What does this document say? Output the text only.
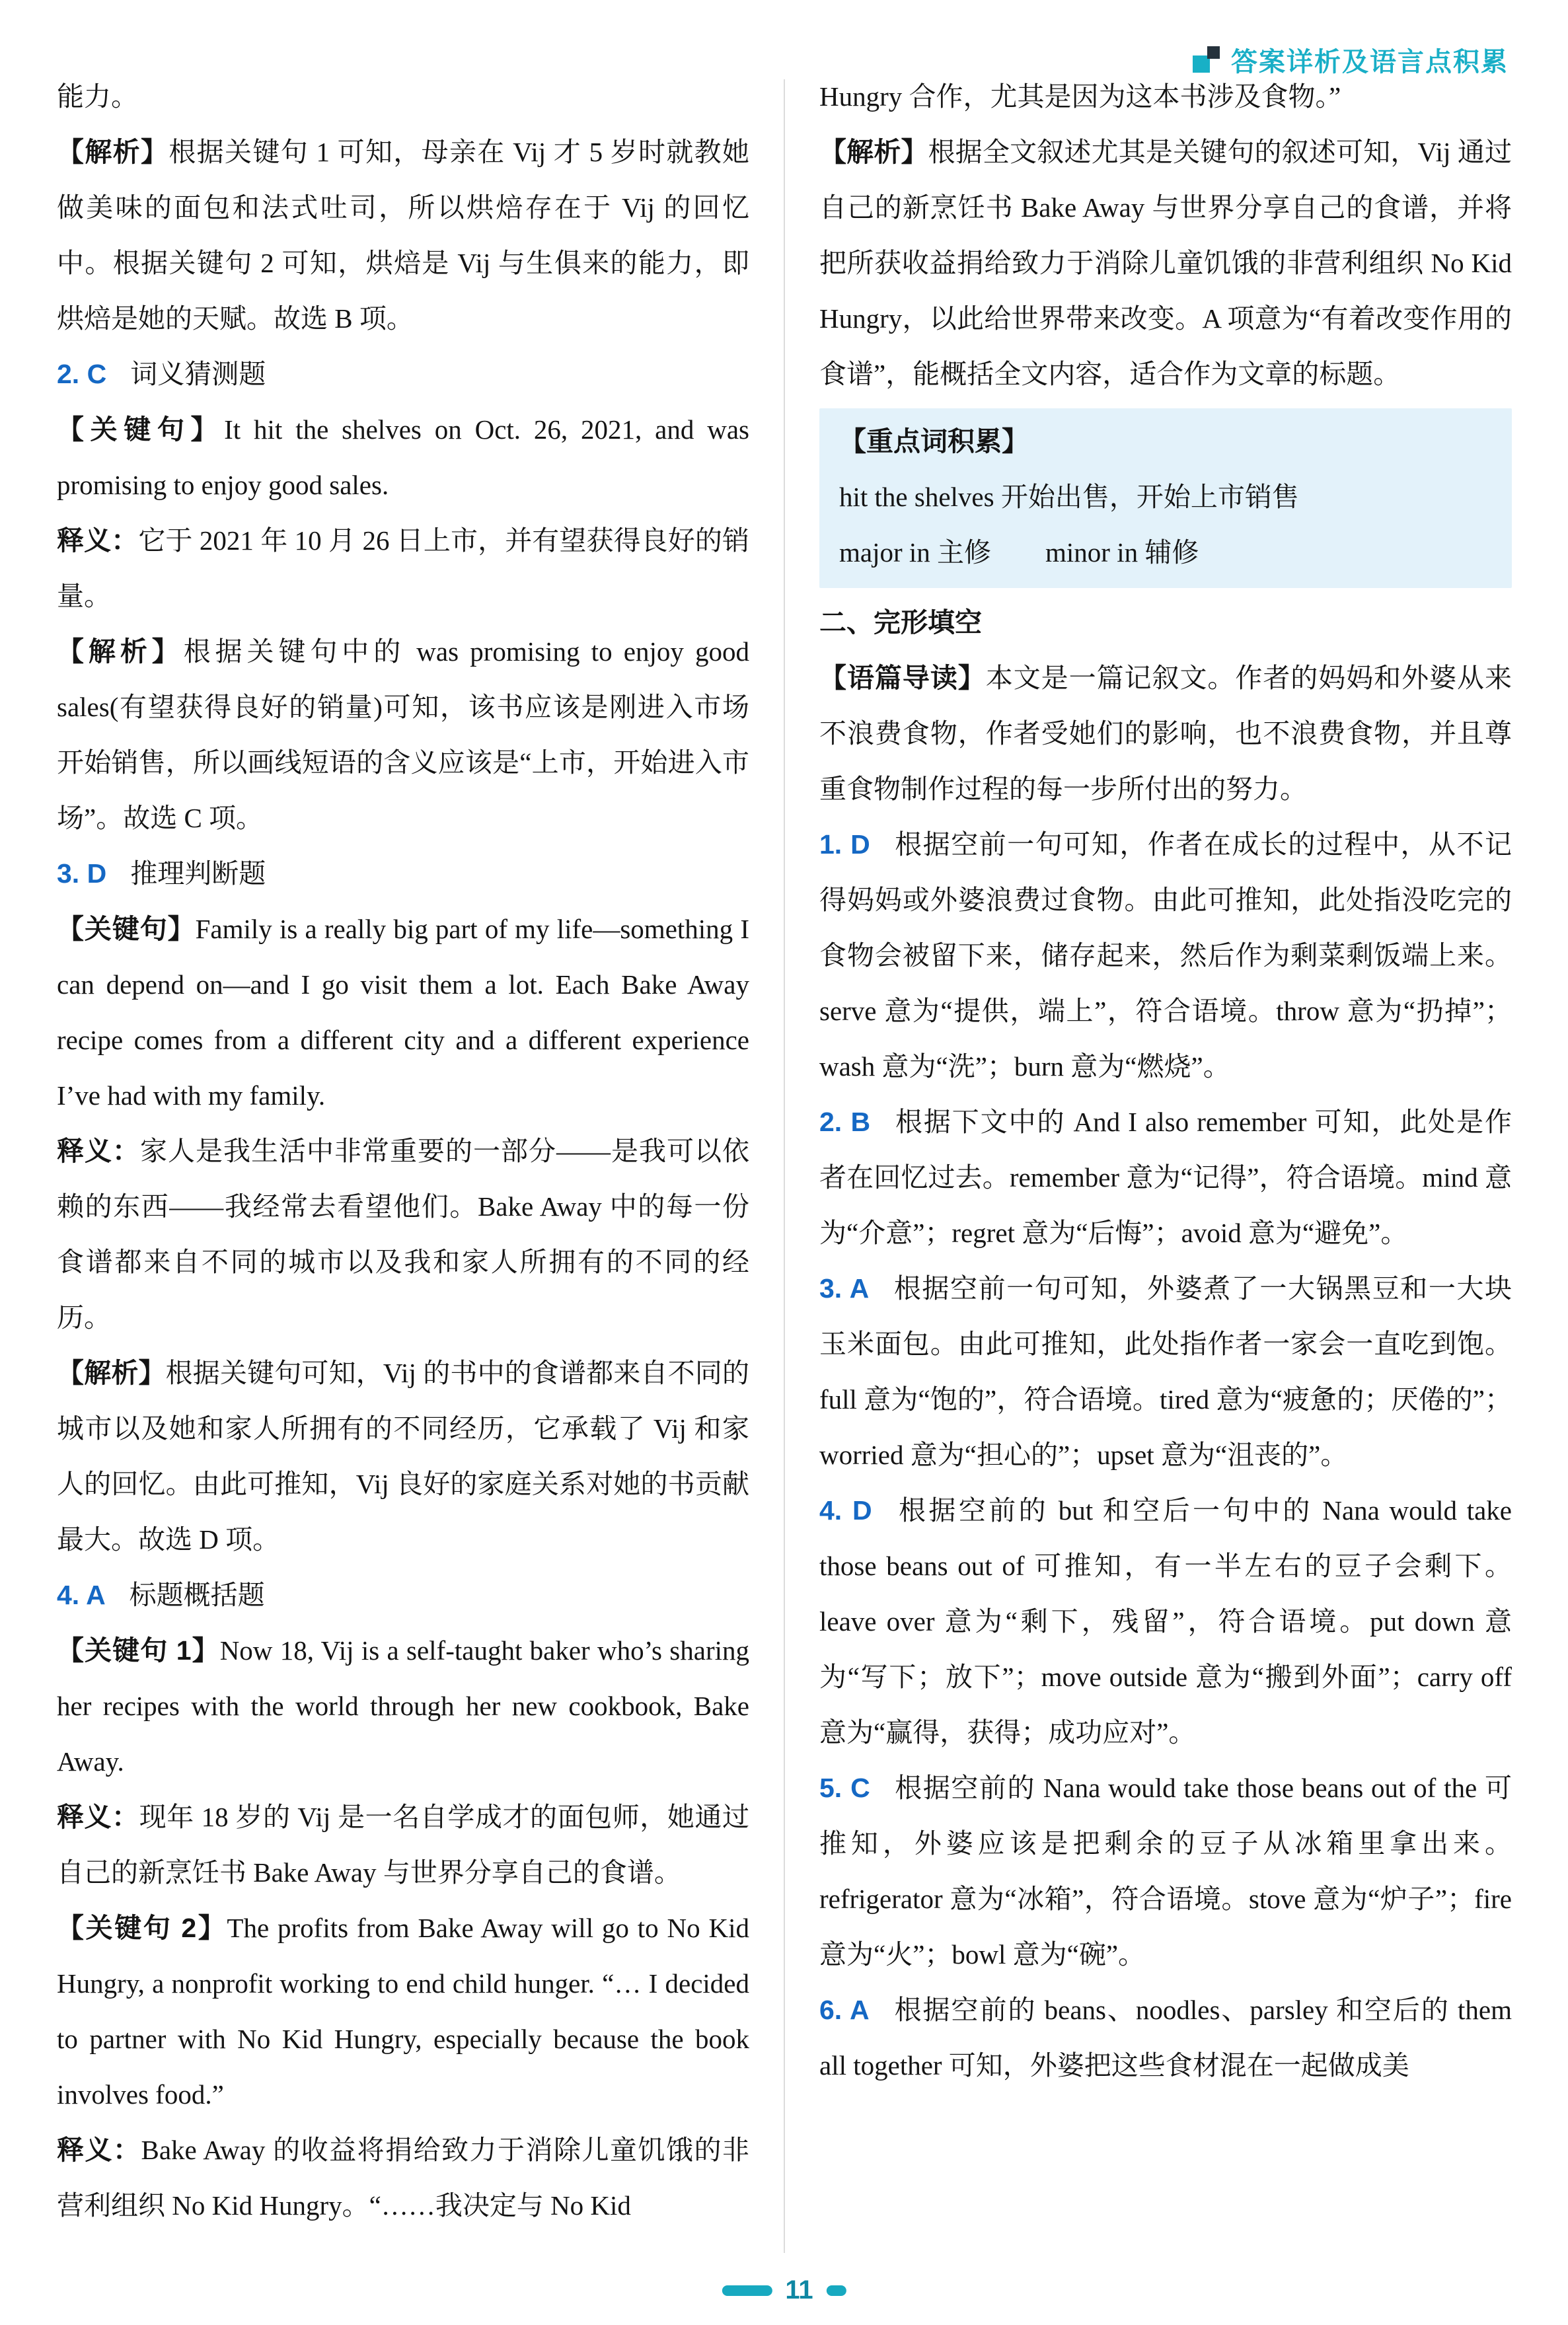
答案详析及语言点积累

能力。

【解析】根据关键句 1 可知，母亲在 Vij 才 5 岁时就教她做美味的面包和法式吐司，所以烘焙存在于 Vij 的回忆中。根据关键句 2 可知，烘焙是 Vij 与生俱来的能力，即烘焙是她的天赋。故选 B 项。

2. C 词义猜测题

【关键句】It hit the shelves on Oct. 26, 2021, and was promising to enjoy good sales.

释义：它于 2021 年 10 月 26 日上市，并有望获得良好的销量。

【解析】根据关键句中的 was promising to enjoy good sales(有望获得良好的销量)可知，该书应该是刚进入市场开始销售，所以画线短语的含义应该是“上市，开始进入市场”。故选 C 项。

3. D 推理判断题

【关键句】Family is a really big part of my life—something I can depend on—and I go visit them a lot. Each Bake Away recipe comes from a different city and a different experience I’ve had with my family.

释义：家人是我生活中非常重要的一部分——是我可以依赖的东西——我经常去看望他们。Bake Away 中的每一份食谱都来自不同的城市以及我和家人所拥有的不同的经历。

【解析】根据关键句可知，Vij 的书中的食谱都来自不同的城市以及她和家人所拥有的不同经历，它承载了 Vij 和家人的回忆。由此可推知，Vij 良好的家庭关系对她的书贡献最大。故选 D 项。

4. A 标题概括题

【关键句 1】Now 18, Vij is a self-taught baker who’s sharing her recipes with the world through her new cookbook, Bake Away.

释义：现年 18 岁的 Vij 是一名自学成才的面包师，她通过自己的新烹饪书 Bake Away 与世界分享自己的食谱。

【关键句 2】The profits from Bake Away will go to No Kid Hungry, a nonprofit working to end child hunger. “… I decided to partner with No Kid Hungry, especially because the book involves food.”

释义：Bake Away 的收益将捐给致力于消除儿童饥饿的非营利组织 No Kid Hungry。“……我决定与 No Kid

Hungry 合作，尤其是因为这本书涉及食物。”

【解析】根据全文叙述尤其是关键句的叙述可知，Vij 通过自己的新烹饪书 Bake Away 与世界分享自己的食谱，并将把所获收益捐给致力于消除儿童饥饿的非营利组织 No Kid Hungry，以此给世界带来改变。A 项意为“有着改变作用的食谱”，能概括全文内容，适合作为文章的标题。

【重点词积累】

hit the shelves 开始出售，开始上市销售

major in 主修　　minor in 辅修

二、完形填空

【语篇导读】本文是一篇记叙文。作者的妈妈和外婆从来不浪费食物，作者受她们的影响，也不浪费食物，并且尊重食物制作过程的每一步所付出的努力。

1. D 根据空前一句可知，作者在成长的过程中，从不记得妈妈或外婆浪费过食物。由此可推知，此处指没吃完的食物会被留下来，储存起来，然后作为剩菜剩饭端上来。serve 意为“提供，端上”，符合语境。throw 意为“扔掉”；wash 意为“洗”；burn 意为“燃烧”。

2. B 根据下文中的 And I also remember 可知，此处是作者在回忆过去。remember 意为“记得”，符合语境。mind 意为“介意”；regret 意为“后悔”；avoid 意为“避免”。

3. A 根据空前一句可知，外婆煮了一大锅黑豆和一大块玉米面包。由此可推知，此处指作者一家会一直吃到饱。full 意为“饱的”，符合语境。tired 意为“疲惫的；厌倦的”；worried 意为“担心的”；upset 意为“沮丧的”。

4. D 根据空前的 but 和空后一句中的 Nana would take those beans out of 可推知，有一半左右的豆子会剩下。leave over 意为“剩下，残留”，符合语境。put down 意为“写下；放下”；move outside 意为“搬到外面”；carry off 意为“赢得，获得；成功应对”。

5. C 根据空前的 Nana would take those beans out of the 可推知，外婆应该是把剩余的豆子从冰箱里拿出来。refrigerator 意为“冰箱”，符合语境。stove 意为“炉子”；fire 意为“火”；bowl 意为“碗”。

6. A 根据空前的 beans、noodles、parsley 和空后的 them all together 可知，外婆把这些食材混在一起做成美

11
